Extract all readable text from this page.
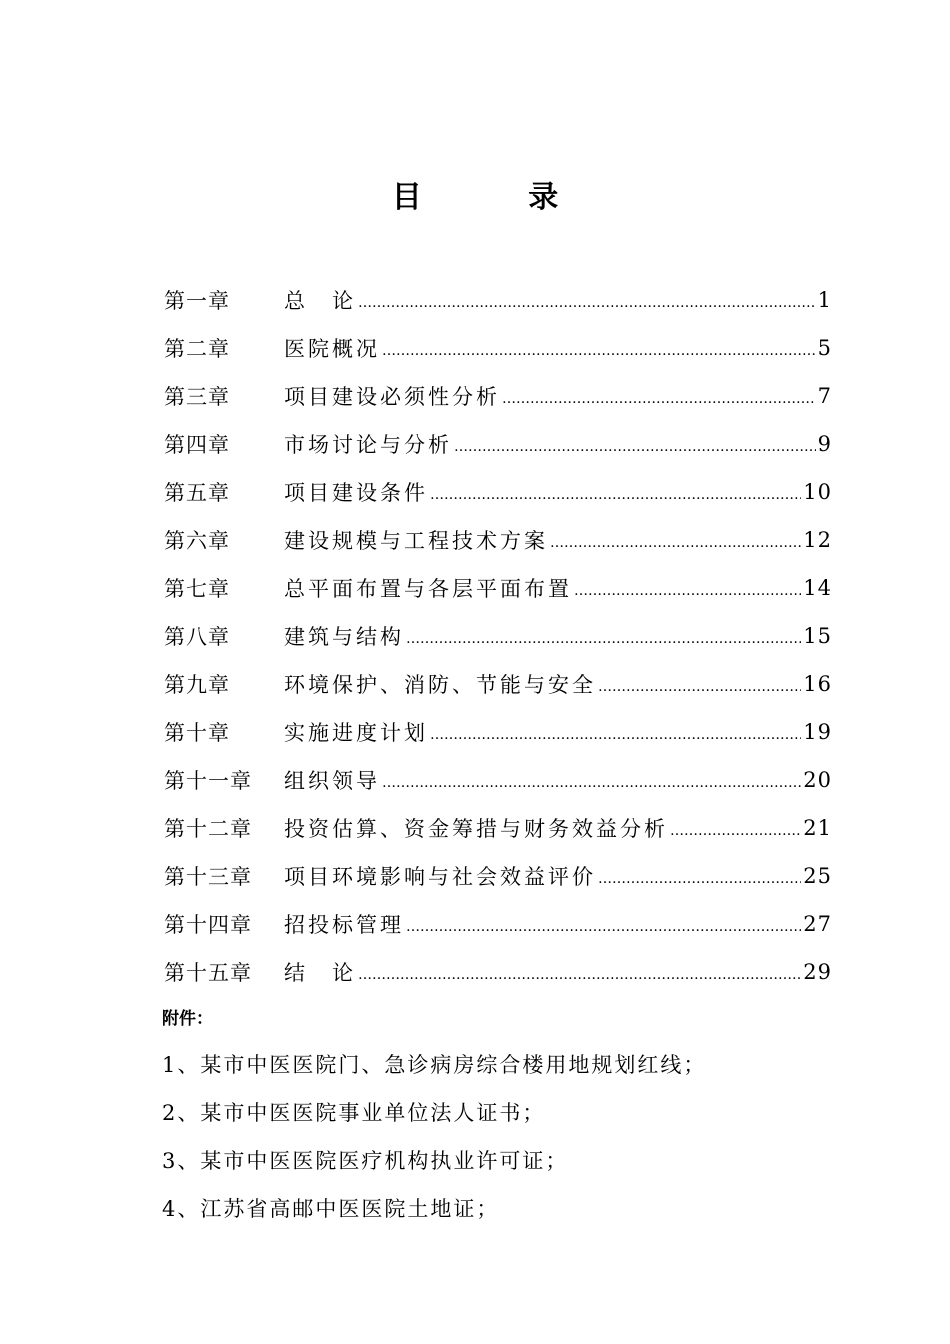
目 录
第一章	总　论 …………………………………………………………………………………………………………………………………………	1
第二章	医院概况 …………………………………………………………………………………………………………………………………………	5
第三章	项目建设必须性分析 …………………………………………………………………………………………………………………………………………	7
第四章	市场讨论与分析 …………………………………………………………………………………………………………………………………………	9
第五章	项目建设条件 …………………………………………………………………………………………………………………………………………	10
第六章	建设规模与工程技术方案 …………………………………………………………………………………………………………………………………………	12
第七章	总平面布置与各层平面布置 …………………………………………………………………………………………………………………………………………	14
第八章	建筑与结构 …………………………………………………………………………………………………………………………………………	15
第九章	环境保护、消防、节能与安全 …………………………………………………………………………………………………………………………………………	16
第十章	实施进度计划 …………………………………………………………………………………………………………………………………………	19
第十一章	组织领导 …………………………………………………………………………………………………………………………………………	20
第十二章	投资估算、资金筹措与财务效益分析 …………………………………………………………………………………………………………………………………………	21
第十三章	项目环境影响与社会效益评价 …………………………………………………………………………………………………………………………………………	25
第十四章	招投标管理 …………………………………………………………………………………………………………………………………………	27
第十五章	结　论 …………………………………………………………………………………………………………………………………………	29
附件：
1、某市中医医院门、急诊病房综合楼用地规划红线；
2、某市中医医院事业单位法人证书；
3、某市中医医院医疗机构执业许可证；
4、江苏省高邮中医医院土地证；
